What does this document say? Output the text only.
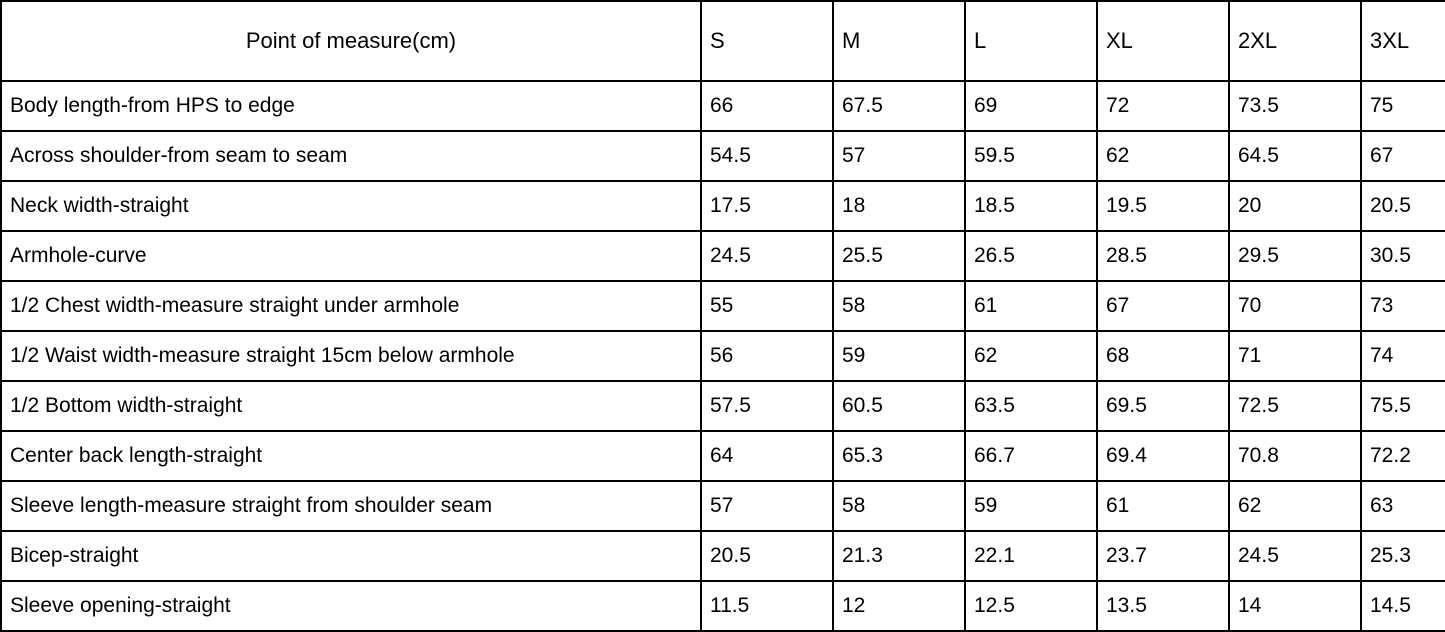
Point of measure(cm)	S	M	L	XL	2XL	3XL
Body length-from HPS to edge	66	67.5	69	72	73.5	75
Across shoulder-from seam to seam	54.5	57	59.5	62	64.5	67
Neck width-straight	17.5	18	18.5	19.5	20	20.5
Armhole-curve	24.5	25.5	26.5	28.5	29.5	30.5
1/2 Chest width-measure straight under armhole	55	58	61	67	70	73
1/2 Waist width-measure straight 15cm below armhole	56	59	62	68	71	74
1/2 Bottom width-straight	57.5	60.5	63.5	69.5	72.5	75.5
Center back length-straight	64	65.3	66.7	69.4	70.8	72.2
Sleeve length-measure straight from shoulder seam	57	58	59	61	62	63
Bicep-straight	20.5	21.3	22.1	23.7	24.5	25.3
Sleeve opening-straight	11.5	12	12.5	13.5	14	14.5
